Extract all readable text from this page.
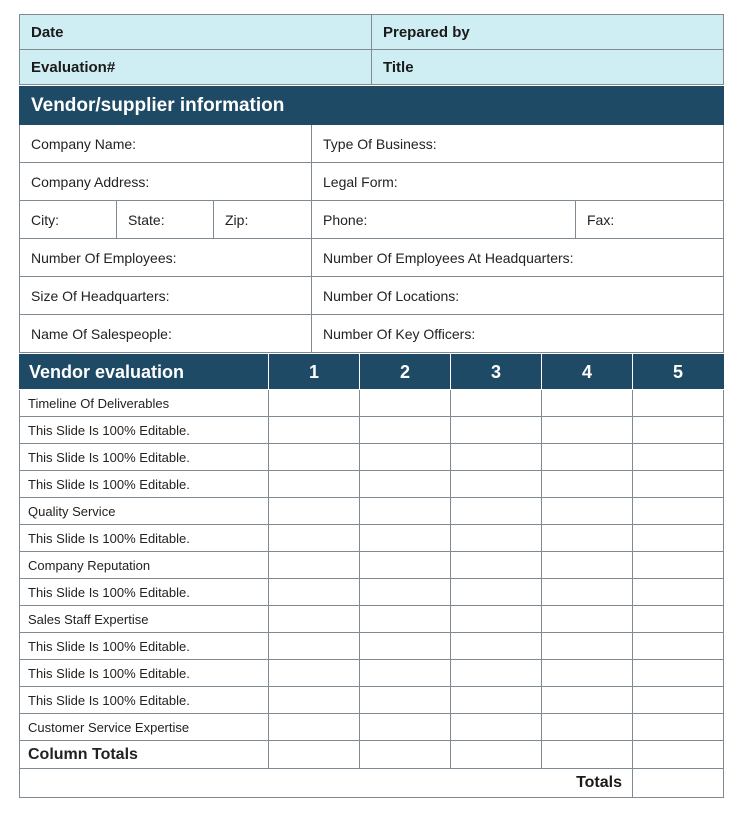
Date	Prepared by
Evaluation#	Title
Vendor/supplier information				
Company Name:			Type Of Business:	
Company Address:			Legal Form:	
City:	State:	Zip:	Phone:	Fax:
Number Of Employees:			Number Of Employees At Headquarters:	
Size Of Headquarters:			Number Of Locations:	
Name Of Salespeople:			Number Of Key Officers:	
Vendor evaluation	1	2	3	4	5
Timeline Of Deliverables					
This Slide Is 100% Editable.					
This Slide Is 100% Editable.					
This Slide Is 100% Editable.					
Quality Service					
This Slide Is 100% Editable.					
Company Reputation					
This Slide Is 100% Editable.					
Sales Staff Expertise					
This Slide Is 100% Editable.					
This Slide Is 100% Editable.					
This Slide Is 100% Editable.					
Customer Service Expertise					
Column Totals					
Totals					
